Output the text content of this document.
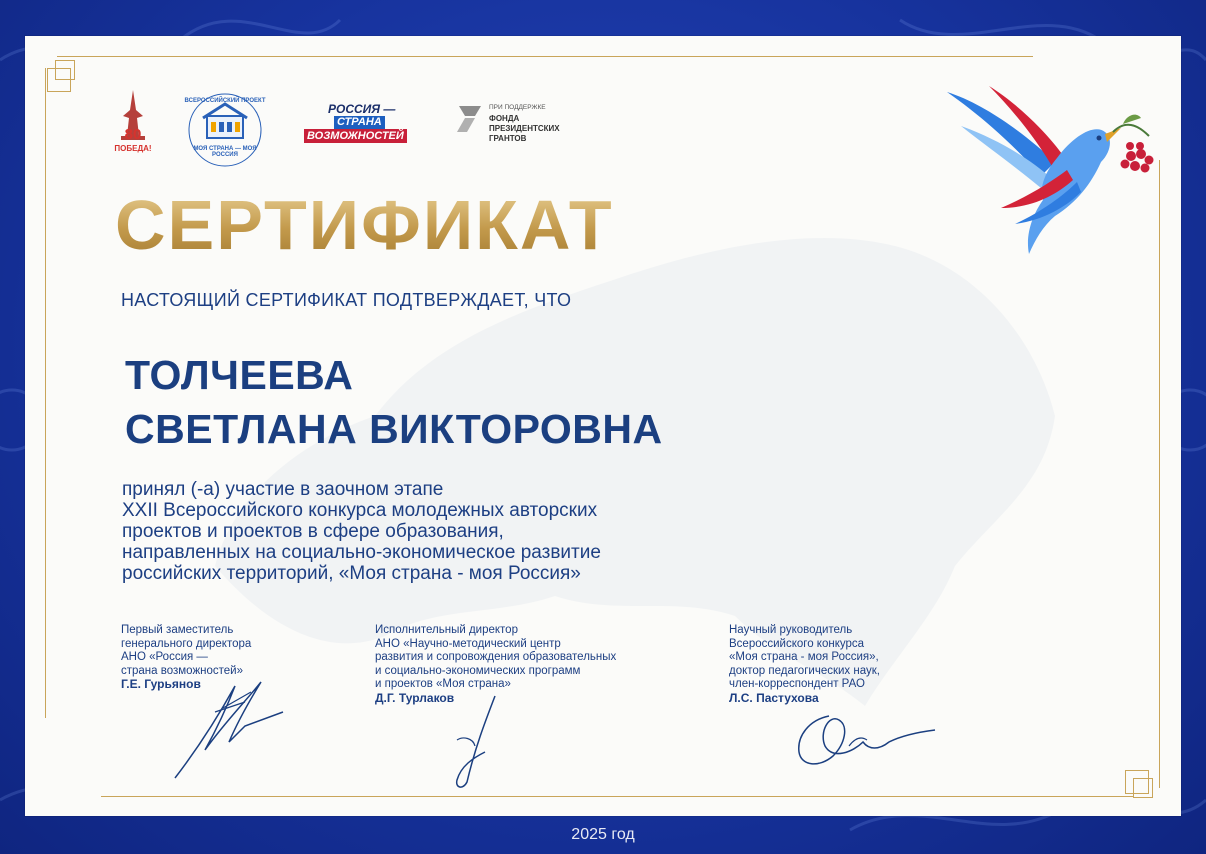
80
ПОБЕДА!
ВСЕРОССИЙСКИЙ ПРОЕКТ
МОЯ СТРАНА — МОЯ РОССИЯ
РОССИЯ —
СТРАНА
ВОЗМОЖНОСТЕЙ
ПРИ ПОДДЕРЖКЕ
ФОНДА
ПРЕЗИДЕНТСКИХ
ГРАНТОВ
СЕРТИФИКАТ
НАСТОЯЩИЙ СЕРТИФИКАТ ПОДТВЕРЖДАЕТ, ЧТО
ТОЛЧЕЕВА
СВЕТЛАНА ВИКТОРОВНА
принял (-а) участие в заочном этапе
XXII Всероссийского конкурса молодежных авторских
проектов и проектов в сфере образования,
направленных на социально-экономическое развитие
российских территорий, «Моя страна - моя Россия»
Первый заместитель
генерального директора
АНО «Россия —
страна возможностей»
Г.Е. Гурьянов
Исполнительный директор
АНО «Научно-методический центр
развития и сопровождения образовательных
и социально-экономических программ
и проектов «Моя страна»
Д.Г. Турлаков
Научный руководитель
Всероссийского конкурса
«Моя страна - моя Россия»,
доктор педагогических наук,
член-корреспондент РАО
Л.С. Пастухова
2025 год
